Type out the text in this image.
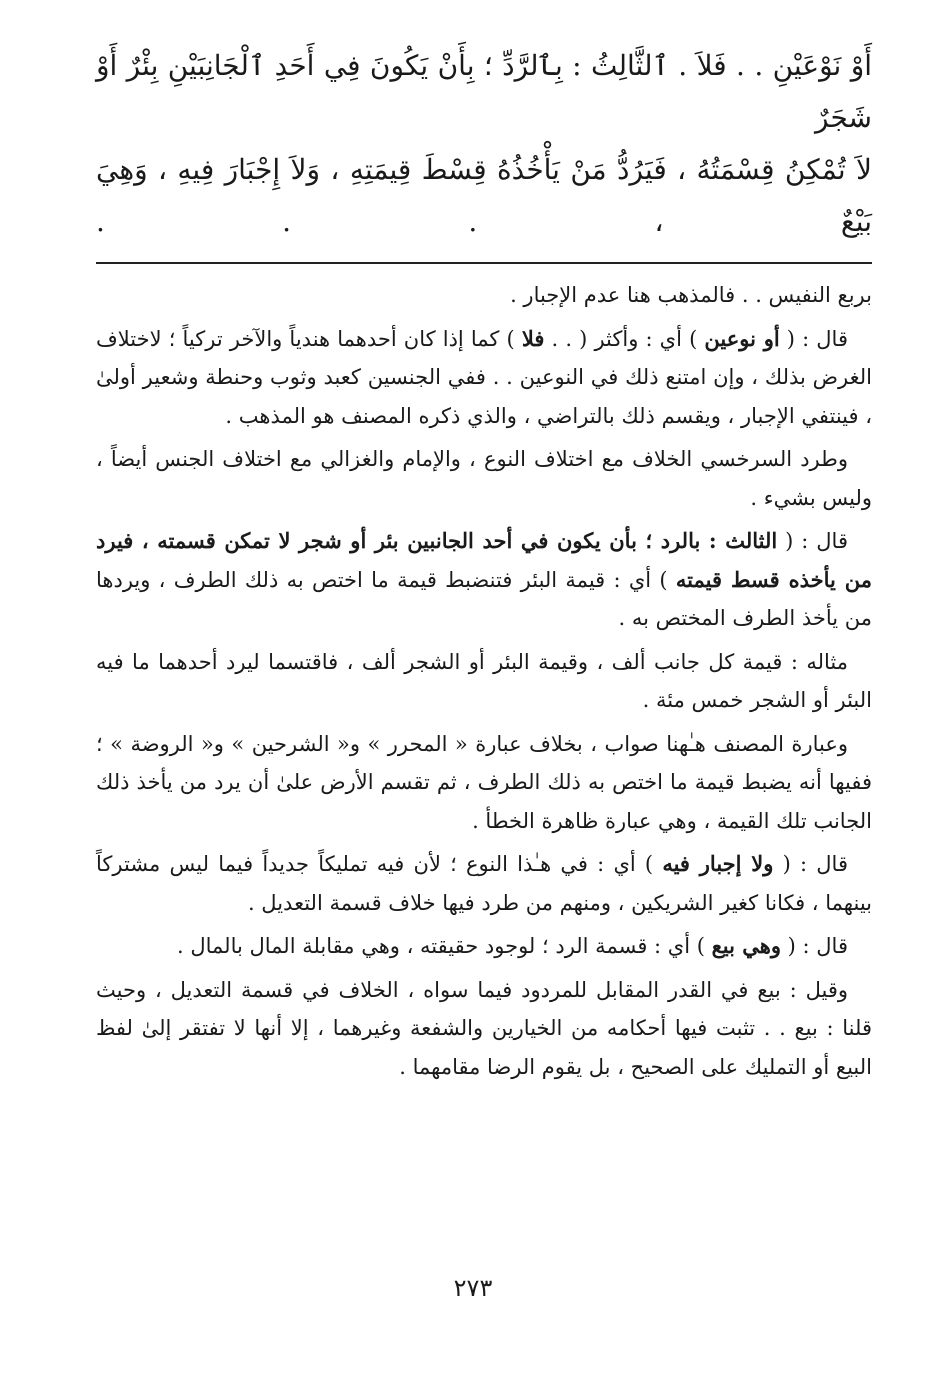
أَوْ نَوْعَيْنِ . . فَلاَ . ٱلثَّالِثُ : بِٱلرَّدِّ ؛ بِأَنْ يَكُونَ فِي أَحَدِ ٱلْجَانِبَيْنِ بِئْرٌ أَوْ شَجَرٌ

لاَ تُمْكِنُ قِسْمَتُهُ ، فَيَرُدُّ مَنْ يَأْخُذُهُ قِسْطَ قِيمَتِهِ ، وَلاَ إِجْبَارَ فِيهِ ، وَهِيَ بَيْعٌ ، . . .

بربع النفيس . . فالمذهب هنا عدم الإجبار .

قال : ( أو نوعين ) أي : وأكثر ( . . فلا ) كما إذا كان أحدهما هندياً والآخر تركياً ؛ لاختلاف الغرض بذلك ، وإن امتنع ذلك في النوعين . . ففي الجنسين كعبد وثوب وحنطة وشعير أولىٰ ، فينتفي الإجبار ، ويقسم ذلك بالتراضي ، والذي ذكره المصنف هو المذهب .

وطرد السرخسي الخلاف مع اختلاف النوع ، والإمام والغزالي مع اختلاف الجنس أيضاً ، وليس بشيء .

قال : ( الثالث : بالرد ؛ بأن يكون في أحد الجانبين بئر أو شجر لا تمكن قسمته ، فيرد من يأخذه قسط قيمته ) أي : قيمة البئر فتنضبط قيمة ما اختص به ذلك الطرف ، ويردها من يأخذ الطرف المختص به .

مثاله : قيمة كل جانب ألف ، وقيمة البئر أو الشجر ألف ، فاقتسما ليرد أحدهما ما فيه البئر أو الشجر خمس مئة .

وعبارة المصنف هـٰهنا صواب ، بخلاف عبارة « المحرر » و« الشرحين » و« الروضة » ؛ ففيها أنه يضبط قيمة ما اختص به ذلك الطرف ، ثم تقسم الأرض علىٰ أن يرد من يأخذ ذلك الجانب تلك القيمة ، وهي عبارة ظاهرة الخطأ .

قال : ( ولا إجبار فيه ) أي : في هـٰذا النوع ؛ لأن فيه تمليكاً جديداً فيما ليس مشتركاً بينهما ، فكانا كغير الشريكين ، ومنهم من طرد فيها خلاف قسمة التعديل .

قال : ( وهي بيع ) أي : قسمة الرد ؛ لوجود حقيقته ، وهي مقابلة المال بالمال .

وقيل : بيع في القدر المقابل للمردود فيما سواه ، الخلاف في قسمة التعديل ، وحيث قلنا : بيع . . تثبت فيها أحكامه من الخيارين والشفعة وغيرهما ، إلا أنها لا تفتقر إلىٰ لفظ البيع أو التمليك على الصحيح ، بل يقوم الرضا مقامهما .

٢٧٣
